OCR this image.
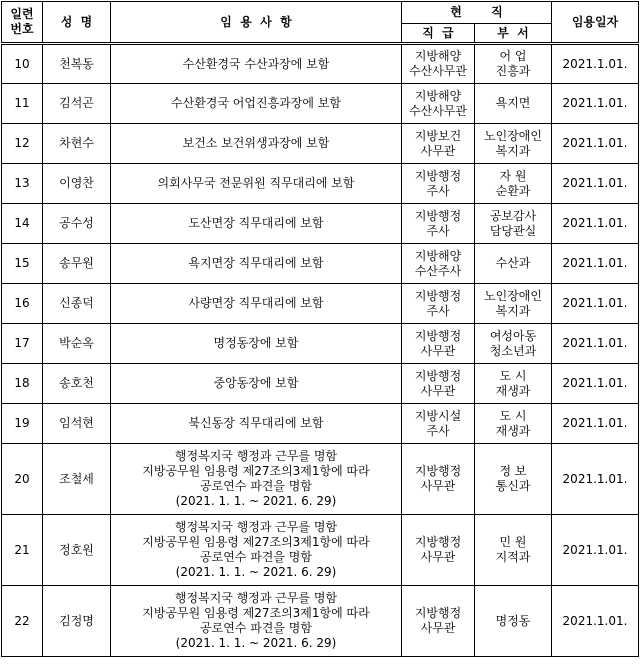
일련
번호	성  명	임  용  사  항	현       직		임용일자
			직  급	부  서	
10	천복동	수산환경국 수산과장에 보함	지방해양
수산사무관	어 업
진흥과	2021.1.01.
11	김석곤	수산환경국 어업진흥과장에 보함	지방해양
수산사무관	욕지면	2021.1.01.
12	차현수	보건소 보건위생과장에 보함	지방보건
사무관	노인장애인
복지과	2021.1.01.
13	이영찬	의회사무국 전문위원 직무대리에 보함	지방행정
주사	자 원
순환과	2021.1.01.
14	공수성	도산면장 직무대리에 보함	지방행정
주사	공보감사
담당관실	2021.1.01.
15	송무원	욕지면장 직무대리에 보함	지방해양
수산주사	수산과	2021.1.01.
16	신종덕	사량면장 직무대리에 보함	지방행정
주사	노인장애인
복지과	2021.1.01.
17	박순옥	명정동장에 보함	지방행정
사무관	여성아동
청소년과	2021.1.01.
18	송호천	중앙동장에 보함	지방행정
사무관	도 시
재생과	2021.1.01.
19	임석현	북신동장 직무대리에 보함	지방시설
주사	도 시
재생과	2021.1.01.
20	조철세	행정복지국 행정과 근무를 명함
지방공무원 임용령 제27조의3제1항에 따라
공로연수 파견을 명함
(2021. 1. 1. ~ 2021. 6. 29)	지방행정
사무관	정 보
통신과	2021.1.01.
21	정호원	행정복지국 행정과 근무를 명함
지방공무원 임용령 제27조의3제1항에 따라
공로연수 파견을 명함
(2021. 1. 1. ~ 2021. 6. 29)	지방행정
사무관	민 원
지적과	2021.1.01.
22	김정명	행정복지국 행정과 근무를 명함
지방공무원 임용령 제27조의3제1항에 따라
공로연수 파견을 명함
(2021. 1. 1. ~ 2021. 6. 29)	지방행정
사무관	명정동	2021.1.01.
